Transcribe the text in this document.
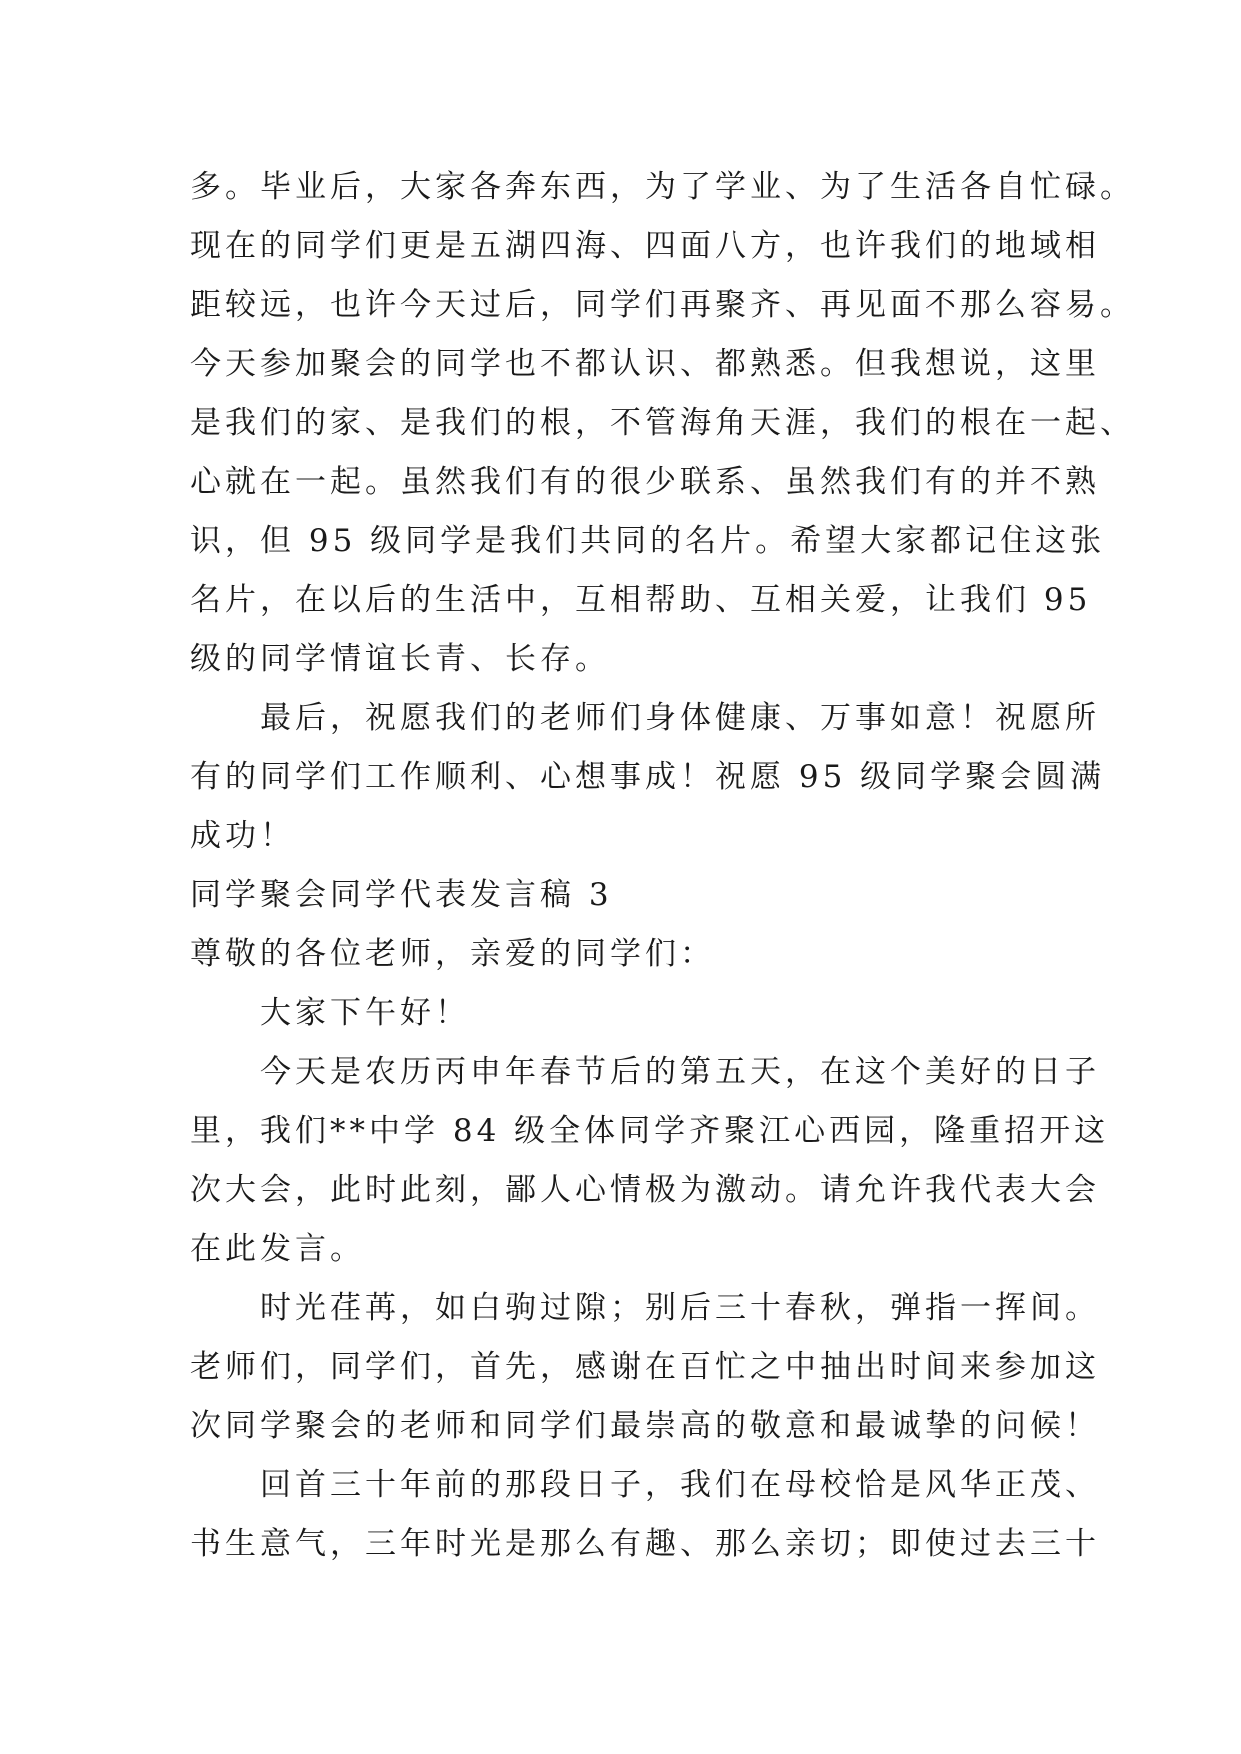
多。毕业后，大家各奔东西，为了学业、为了生活各自忙碌。
现在的同学们更是五湖四海、四面八方，也许我们的地域相
距较远，也许今天过后，同学们再聚齐、再见面不那么容易。
今天参加聚会的同学也不都认识、都熟悉。但我想说，这里
是我们的家、是我们的根，不管海角天涯，我们的根在一起、
心就在一起。虽然我们有的很少联系、虽然我们有的并不熟
识，但 95 级同学是我们共同的名片。希望大家都记住这张
名片，在以后的生活中，互相帮助、互相关爱，让我们 95
级的同学情谊长青、长存。
最后，祝愿我们的老师们身体健康、万事如意！祝愿所
有的同学们工作顺利、心想事成！祝愿 95 级同学聚会圆满
成功！
同学聚会同学代表发言稿 3
尊敬的各位老师，亲爱的同学们：
大家下午好！
今天是农历丙申年春节后的第五天，在这个美好的日子
里，我们**中学 84 级全体同学齐聚江心西园，隆重招开这
次大会，此时此刻，鄙人心情极为激动。请允许我代表大会
在此发言。
时光荏苒，如白驹过隙；别后三十春秋，弹指一挥间。
老师们，同学们，首先，感谢在百忙之中抽出时间来参加这
次同学聚会的老师和同学们最崇高的敬意和最诚挚的问候！
回首三十年前的那段日子，我们在母校恰是风华正茂、
书生意气，三年时光是那么有趣、那么亲切；即使过去三十
